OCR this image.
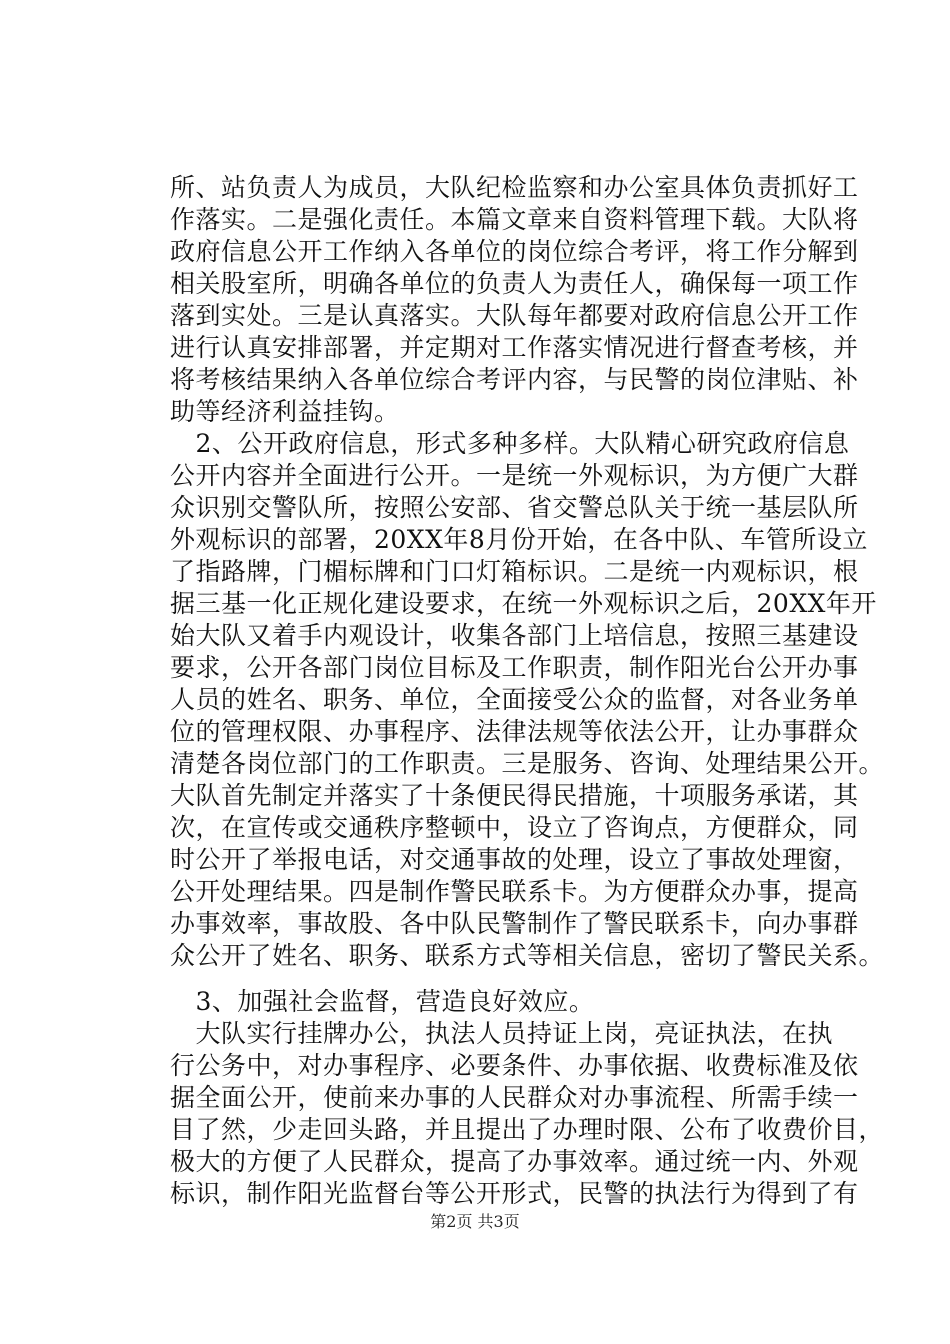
所、站负责人为成员，大队纪检监察和办公室具体负责抓好工
作落实。二是强化责任。本篇文章来自资料管理下载。大队将
政府信息公开工作纳入各单位的岗位综合考评，将工作分解到
相关股室所，明确各单位的负责人为责任人，确保每一项工作
落到实处。三是认真落实。大队每年都要对政府信息公开工作
进行认真安排部署，并定期对工作落实情况进行督查考核，并
将考核结果纳入各单位综合考评内容，与民警的岗位津贴、补
助等经济利益挂钩。
　2、公开政府信息，形式多种多样。大队精心研究政府信息
公开内容并全面进行公开。一是统一外观标识，为方便广大群
众识别交警队所，按照公安部、省交警总队关于统一基层队所
外观标识的部署，20XX年8月份开始，在各中队、车管所设立
了指路牌，门楣标牌和门口灯箱标识。二是统一内观标识，根
据三基一化正规化建设要求，在统一外观标识之后，20XX年开
始大队又着手内观设计，收集各部门上培信息，按照三基建设
要求，公开各部门岗位目标及工作职责，制作阳光台公开办事
人员的姓名、职务、单位，全面接受公众的监督，对各业务单
位的管理权限、办事程序、法律法规等依法公开，让办事群众
清楚各岗位部门的工作职责。三是服务、咨询、处理结果公开。
大队首先制定并落实了十条便民得民措施，十项服务承诺，其
次，在宣传或交通秩序整顿中，设立了咨询点，方便群众，同
时公开了举报电话，对交通事故的处理，设立了事故处理窗，
公开处理结果。四是制作警民联系卡。为方便群众办事，提高
办事效率，事故股、各中队民警制作了警民联系卡，向办事群
众公开了姓名、职务、联系方式等相关信息，密切了警民关系。
　3、加强社会监督，营造良好效应。
　大队实行挂牌办公，执法人员持证上岗，亮证执法，在执
行公务中，对办事程序、必要条件、办事依据、收费标准及依
据全面公开，使前来办事的人民群众对办事流程、所需手续一
目了然，少走回头路，并且提出了办理时限、公布了收费价目，
极大的方便了人民群众，提高了办事效率。通过统一内、外观
标识，制作阳光监督台等公开形式，民警的执法行为得到了有
第2页 共3页
